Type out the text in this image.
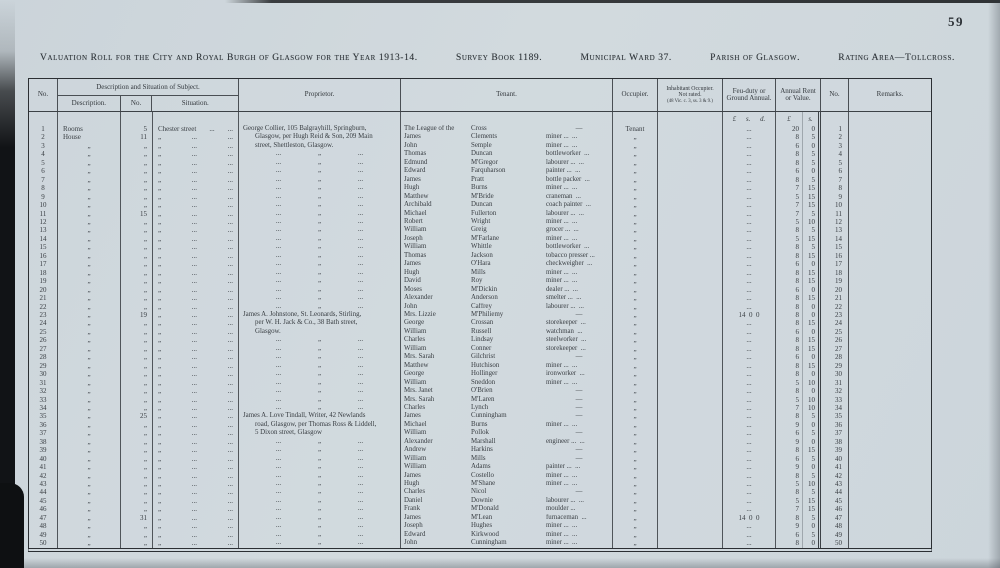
59
Valuation Roll for the City and Royal Burgh of Glasgow for the Year 1913-14.	Survey Book 1189.	Municipal Ward 37.	Parish of Glasgow.	Rating Area—Tollcross.
No.
Description and Situation of Subject.
Description.	No.	Situation.
Proprietor.	Tenant.	Occupier.
Inhabitant Occupier.
Not rated.
(48 Vic. c. 3, ss. 3 & 9.)
Feu-duty or Ground Annual.
Annual Rent or Value.	No.	Remarks.
£ s. d.	£	s.
1	Rooms	5	Chester street ... ...	George Collier, 105 Balgrayhill, Springburn,	The League of the	Cross	—	Tenant	...	20	0	1
2	House	11	„	...	...	Glasgow, per Hugh Reid & Son, 209 Main	James	Clements	miner ...  ...	„	...	8	5	2
3	„	„	„	...	...	street, Shettleston, Glasgow.	John	Semple	miner ...  ...	„	...	6	0	3
4	„	„	„	...	...	...	„	...	Thomas	Duncan	bottleworker  ...	„	...	8	5	4
5	„	„	„	...	...	...	„	...	Edmund	M'Gregor	labourer ...  ...	„	...	8	5	5
6	„	„	„	...	...	...	„	...	Edward	Farquharson	painter ...  ...	„	...	6	0	6
7	„	„	„	...	...	...	„	...	James	Pratt	bottle packer  ...	„	...	8	5	7
8	„	„	„	...	...	...	„	...	Hugh	Burns	miner ...  ...	„	...	7	15	8
9	„	„	„	...	...	...	„	...	Matthew	M'Bride	craneman  ...	„	...	5	15	9
10	„	„	„	...	...	...	„	...	Archibald	Duncan	coach painter  ...	„	...	7	15	10
11	„	15	„	...	...	...	„	...	Michael	Fullerton	labourer ...  ...	„	...	7	5	11
12	„	„	„	...	...	...	„	...	Robert	Wright	miner ...  ...	„	...	5	10	12
13	„	„	„	...	...	...	„	...	William	Greig	grocer ...  ...	„	...	8	5	13
14	„	„	„	...	...	...	„	...	Joseph	M'Farlane	miner ...  ...	„	...	5	15	14
15	„	„	„	...	...	...	„	...	William	Whittle	bottleworker  ...	„	...	8	5	15
16	„	„	„	...	...	...	„	...	Thomas	Jackson	tobacco presser ...	„	...	8	15	16
17	„	„	„	...	...	...	„	...	James	O'Hara	checkweigher  ...	„	...	6	0	17
18	„	„	„	...	...	...	„	...	Hugh	Mills	miner ...  ...	„	...	8	15	18
19	„	„	„	...	...	...	„	...	David	Roy	miner ...  ...	„	...	8	15	19
20	„	„	„	...	...	...	„	...	Moses	M'Dickin	dealer ...  ...	„	...	6	0	20
21	„	„	„	...	...	...	„	...	Alexander	Anderson	smelter ...  ...	„	...	8	15	21
22	„	„	„	...	...	...	„	...	John	Caffrey	labourer ...  ...	„	...	8	0	22
23	„	19	„	...	...	James A. Johnstone, St. Leonards, Stirling,	Mrs. Lizzie	M'Philiemy	—	„	14  0  0	8	0	23
24	„	„	„	...	...	per W. H. Jack & Co., 38 Bath street,	George	Crossan	storekeeper  ...	„	...	8	15	24
25	„	„	„	...	...	Glasgow.	William	Russell	watchman  ...	„	...	6	0	25
26	„	„	„	...	...	...	„	...	Charles	Lindsay	steelworker  ...	„	...	8	15	26
27	„	„	„	...	...	...	„	...	William	Conner	storekeeper  ...	„	...	8	15	27
28	„	„	„	...	...	...	„	...	Mrs. Sarah	Gilchrist	—	„	...	6	0	28
29	„	„	„	...	...	...	„	...	Matthew	Hutchison	miner ...  ...	„	...	8	15	29
30	„	„	„	...	...	...	„	...	George	Hollinger	ironworker  ...	„	...	8	0	30
31	„	„	„	...	...	...	„	...	William	Sneddon	miner ...  ...	„	...	5	10	31
32	„	„	„	...	...	...	„	...	Mrs. Janet	O'Brien	—	„	...	8	0	32
33	„	„	„	...	...	...	„	...	Mrs. Sarah	M'Laren	—	„	...	5	10	33
34	„	„	„	...	...	...	„	...	Charles	Lynch	—	„	...	7	10	34
35	„	25	„	...	...	James A. Love Tindall, Writer, 42 Newlands	James	Cunningham	—	„	...	8	5	35
36	„	„	„	...	...	road, Glasgow, per Thomas Ross & Liddell,	Michael	Burns	miner ...  ...	„	...	9	0	36
37	„	„	„	...	...	5 Dixon street, Glasgow	William	Pollok	—	„	...	6	5	37
38	„	„	„	...	...	...	„	...	Alexander	Marshall	engineer ...  ...	„	...	9	0	38
39	„	„	„	...	...	...	„	...	Andrew	Harkins	—	„	...	8	15	39
40	„	„	„	...	...	...	„	...	William	Mills	—	„	...	6	5	40
41	„	„	„	...	...	...	„	...	William	Adams	painter ...  ...	„	...	9	0	41
42	„	„	„	...	...	...	„	...	James	Costello	miner ...  ...	„	...	8	5	42
43	„	„	„	...	...	...	„	...	Hugh	M'Shane	miner ...  ...	„	...	5	10	43
44	„	„	„	...	...	...	„	...	Charles	Nicol	—	„	...	8	5	44
45	„	„	„	...	...	...	„	...	Daniel	Downie	labourer ...  ...	„	...	5	15	45
46	„	„	„	...	...	...	„	...	Frank	M'Donald	moulder ...	„	...	7	15	46
47	„	31	„	...	...	...	„	...	James	M'Lean	furnaceman  ...	„	14  0  0	8	5	47
48	„	„	„	...	...	...	„	...	Joseph	Hughes	miner ...  ...	„	...	9	0	48
49	„	„	„	...	...	...	„	...	Edward	Kirkwood	miner ...  ...	„	...	6	5	49
50	„	„	„	...	...	...	„	...	John	Cunningham	miner ...  ...	„	...	8	0	50
